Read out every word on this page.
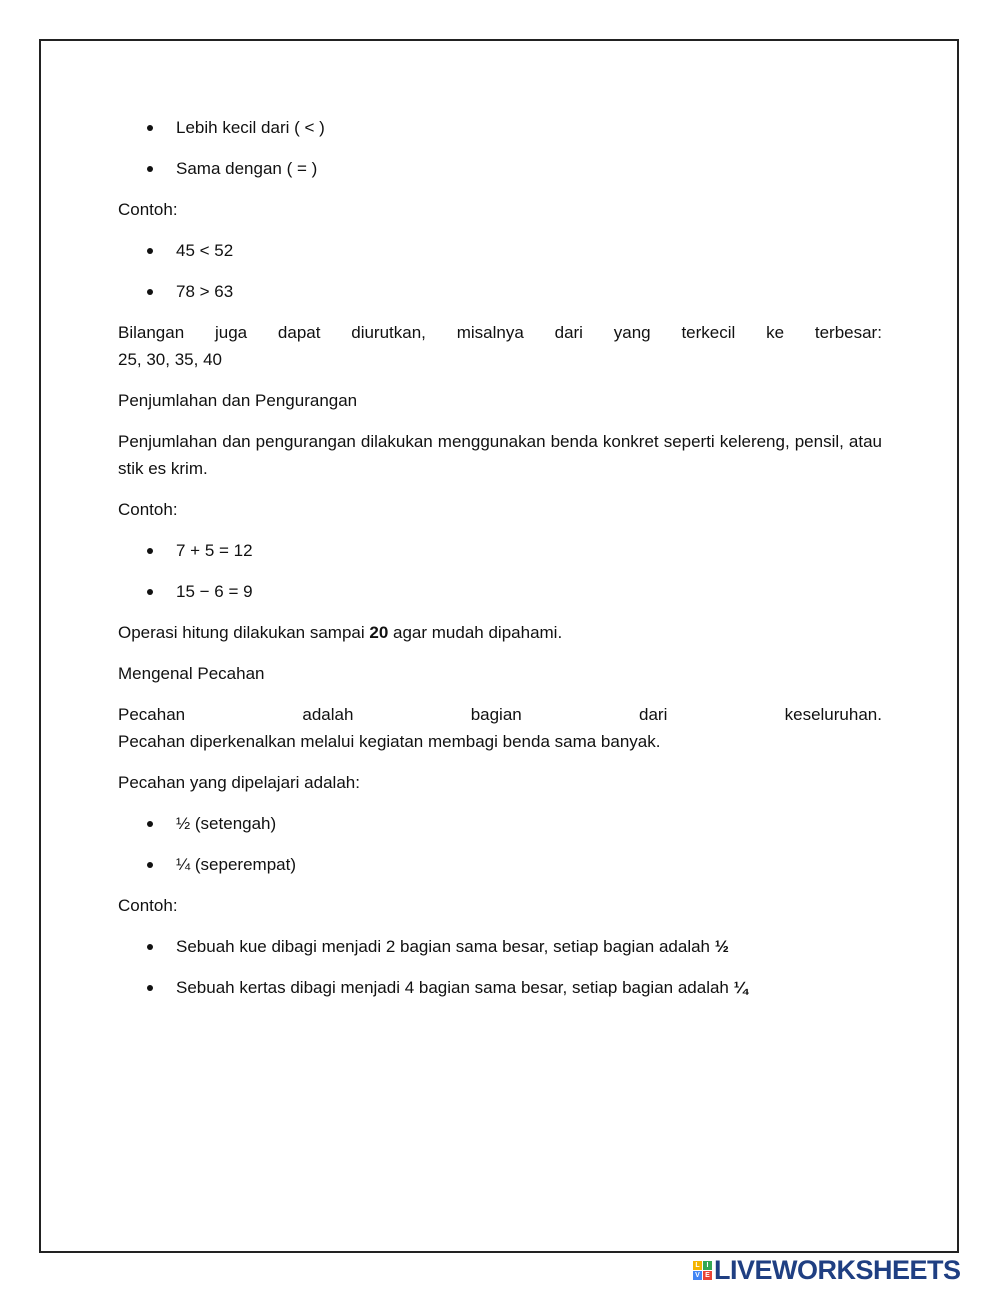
Lebih kecil dari ( < )
Sama dengan ( = )

Contoh:

45 < 52
78 > 63
Bilangan juga dapat diurutkan, misalnya dari yang terkecil ke terbesar:
25, 30, 35, 40

Penjumlahan dan Pengurangan

Penjumlahan dan pengurangan dilakukan menggunakan benda konkret seperti kelereng, pensil, atau stik es krim.

Contoh:

7 + 5 = 12
15 − 6 = 9

Operasi hitung dilakukan sampai 20 agar mudah dipahami.

Mengenal Pecahan

Pecahan	adalah	bagian	dari	keseluruhan.
Pecahan diperkenalkan melalui kegiatan membagi benda sama banyak.

Pecahan yang dipelajari adalah:

½ (setengah)
¼ (seperempat)

Contoh:

Sebuah kue dibagi menjadi 2 bagian sama besar, setiap bagian adalah ½
Sebuah kertas dibagi menjadi 4 bagian sama besar, setiap bagian adalah ¼
L I
V E LIVEWORKSHEETS
